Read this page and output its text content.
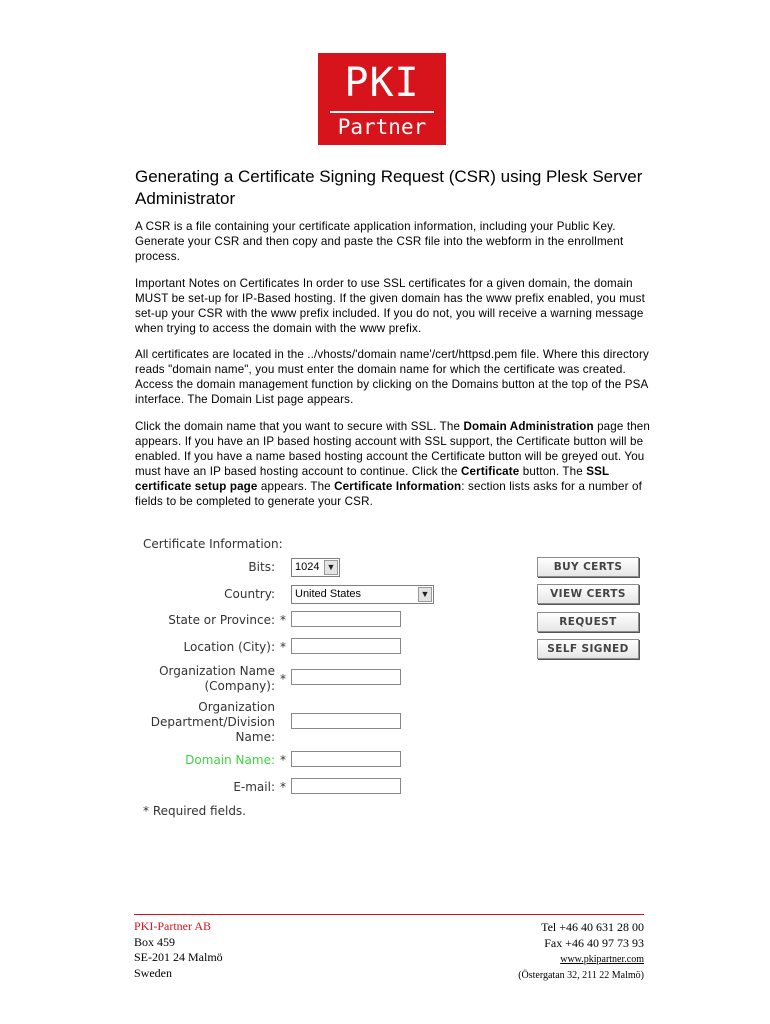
PKI
Partner
Generating a Certificate Signing Request (CSR) using Plesk Server Administrator

A CSR is a file containing your certificate application information, including your Public Key. Generate your CSR and then copy and paste the CSR file into the webform in the enrollment process.

Important Notes on Certificates In order to use SSL certificates for a given domain, the domain MUST be set-up for IP-Based hosting. If the given domain has the www prefix enabled, you must set-up your CSR with the www prefix included. If you do not, you will receive a warning message when trying to access the domain with the www prefix.

All certificates are located in the ../vhosts/'domain name'/cert/httpsd.pem file. Where this directory reads "domain name", you must enter the domain name for which the certificate was created. Access the domain management function by clicking on the Domains button at the top of the PSA interface. The Domain List page appears.

Click the domain name that you want to secure with SSL. The Domain Administration page then appears. If you have an IP based hosting account with SSL support, the Certificate button will be enabled. If you have a name based hosting account the Certificate button will be greyed out. You must have an IP based hosting account to continue. Click the Certificate button. The SSL certificate setup page appears. The Certificate Information: section lists asks for a number of fields to be completed to generate your CSR.

Certificate Information:
Bits:	1024 ▼
Country:	United States	▼
State or Province: *
Location (City): *
Organization Name
(Company): *
Organization
Department/Division
Name:
Domain Name: *
E-mail: *
BUY CERTS
VIEW CERTS
REQUEST
SELF SIGNED
* Required fields.
PKI-Partner AB
Box 459
SE-201 24 Malmö
Sweden
Tel +46 40 631 28 00
Fax +46 40 97 73 93
www.pkipartner.com
(Östergatan 32, 211 22 Malmö)
